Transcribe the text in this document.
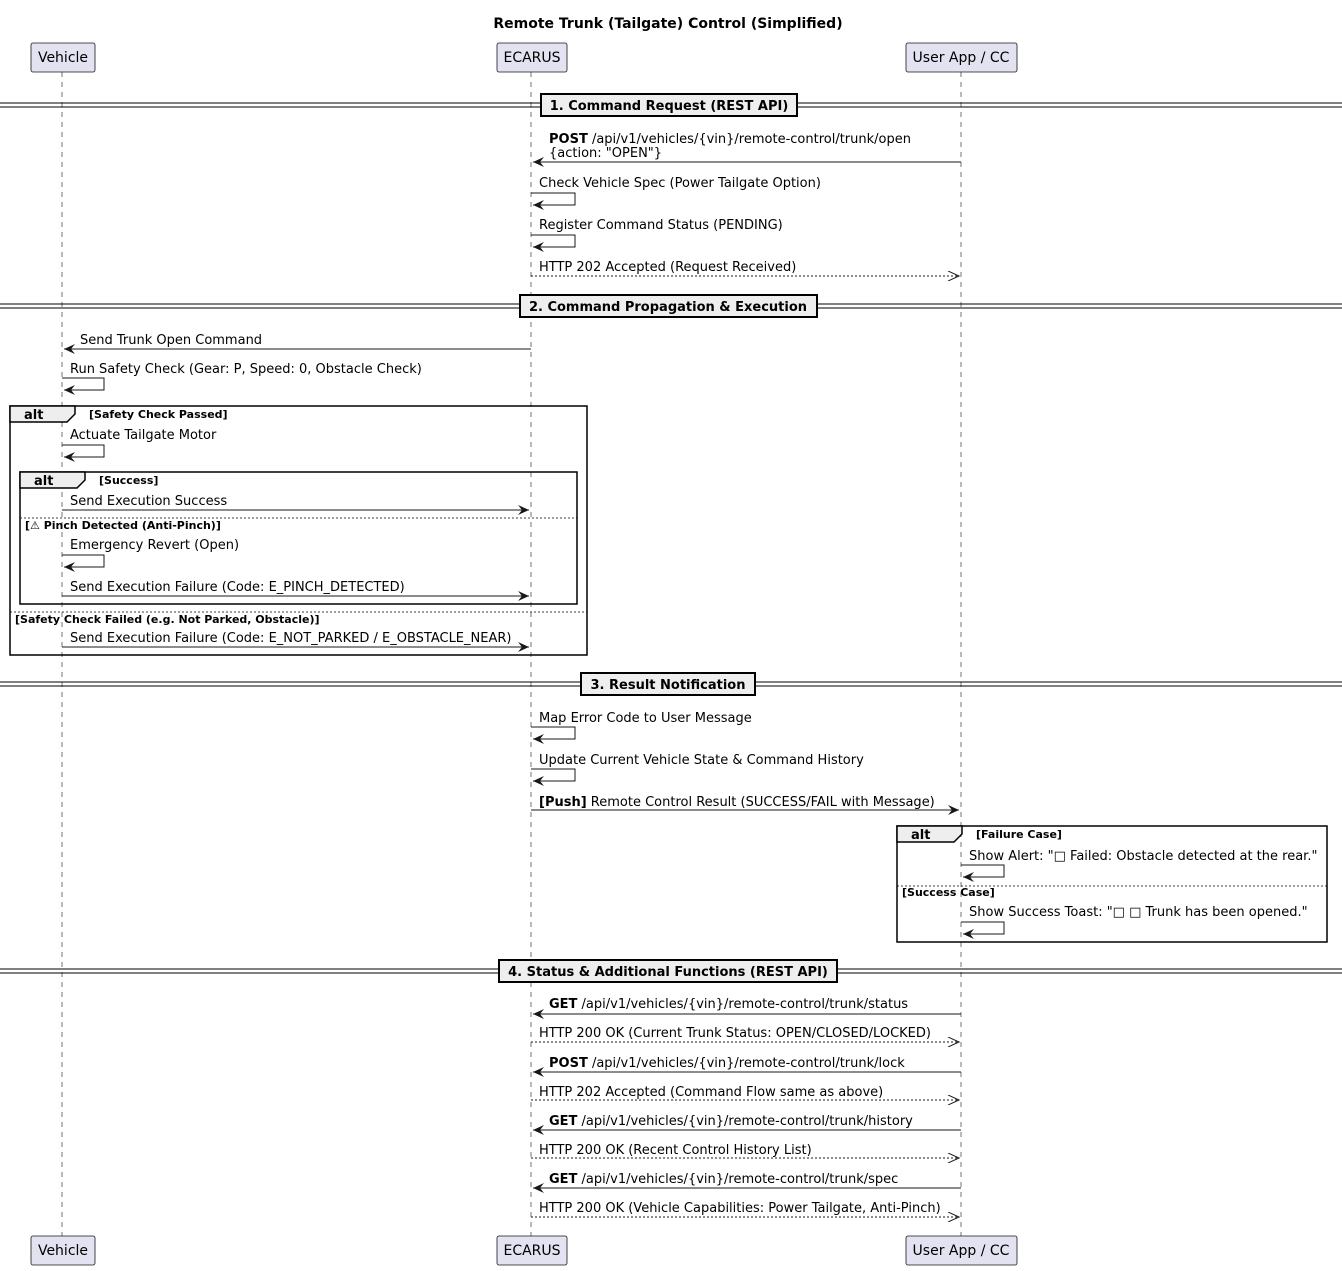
Remote Trunk (Tailgate) Control (Simplified)
Vehicle	ECARUS	User App / CC
Vehicle	ECARUS	User App / CC
1. Command Request (REST API)
2. Command Propagation & Execution
3. Result Notification
4. Status & Additional Functions (REST API)
alt	[Safety Check Passed]
[Safety Check Failed (e.g. Not Parked, Obstacle)]
alt	[Success]
[⚠ Pinch Detected (Anti-Pinch)]
alt	[Failure Case]
[Success Case]
POST /api/v1/vehicles/{vin}/remote-control/trunk/open
{action: "OPEN"}
Check Vehicle Spec (Power Tailgate Option)
Register Command Status (PENDING)
HTTP 202 Accepted (Request Received)
Send Trunk Open Command
Run Safety Check (Gear: P, Speed: 0, Obstacle Check)
Actuate Tailgate Motor
Send Execution Success
Emergency Revert (Open)
Send Execution Failure (Code: E_PINCH_DETECTED)
Send Execution Failure (Code: E_NOT_PARKED / E_OBSTACLE_NEAR)
Map Error Code to User Message
Update Current Vehicle State & Command History
[Push] Remote Control Result (SUCCESS/FAIL with Message)
Show Alert: "□ Failed: Obstacle detected at the rear."
Show Success Toast: "□ □ Trunk has been opened."
GET /api/v1/vehicles/{vin}/remote-control/trunk/status
HTTP 200 OK (Current Trunk Status: OPEN/CLOSED/LOCKED)
POST /api/v1/vehicles/{vin}/remote-control/trunk/lock
HTTP 202 Accepted (Command Flow same as above)
GET /api/v1/vehicles/{vin}/remote-control/trunk/history
HTTP 200 OK (Recent Control History List)
GET /api/v1/vehicles/{vin}/remote-control/trunk/spec
HTTP 200 OK (Vehicle Capabilities: Power Tailgate, Anti-Pinch)
